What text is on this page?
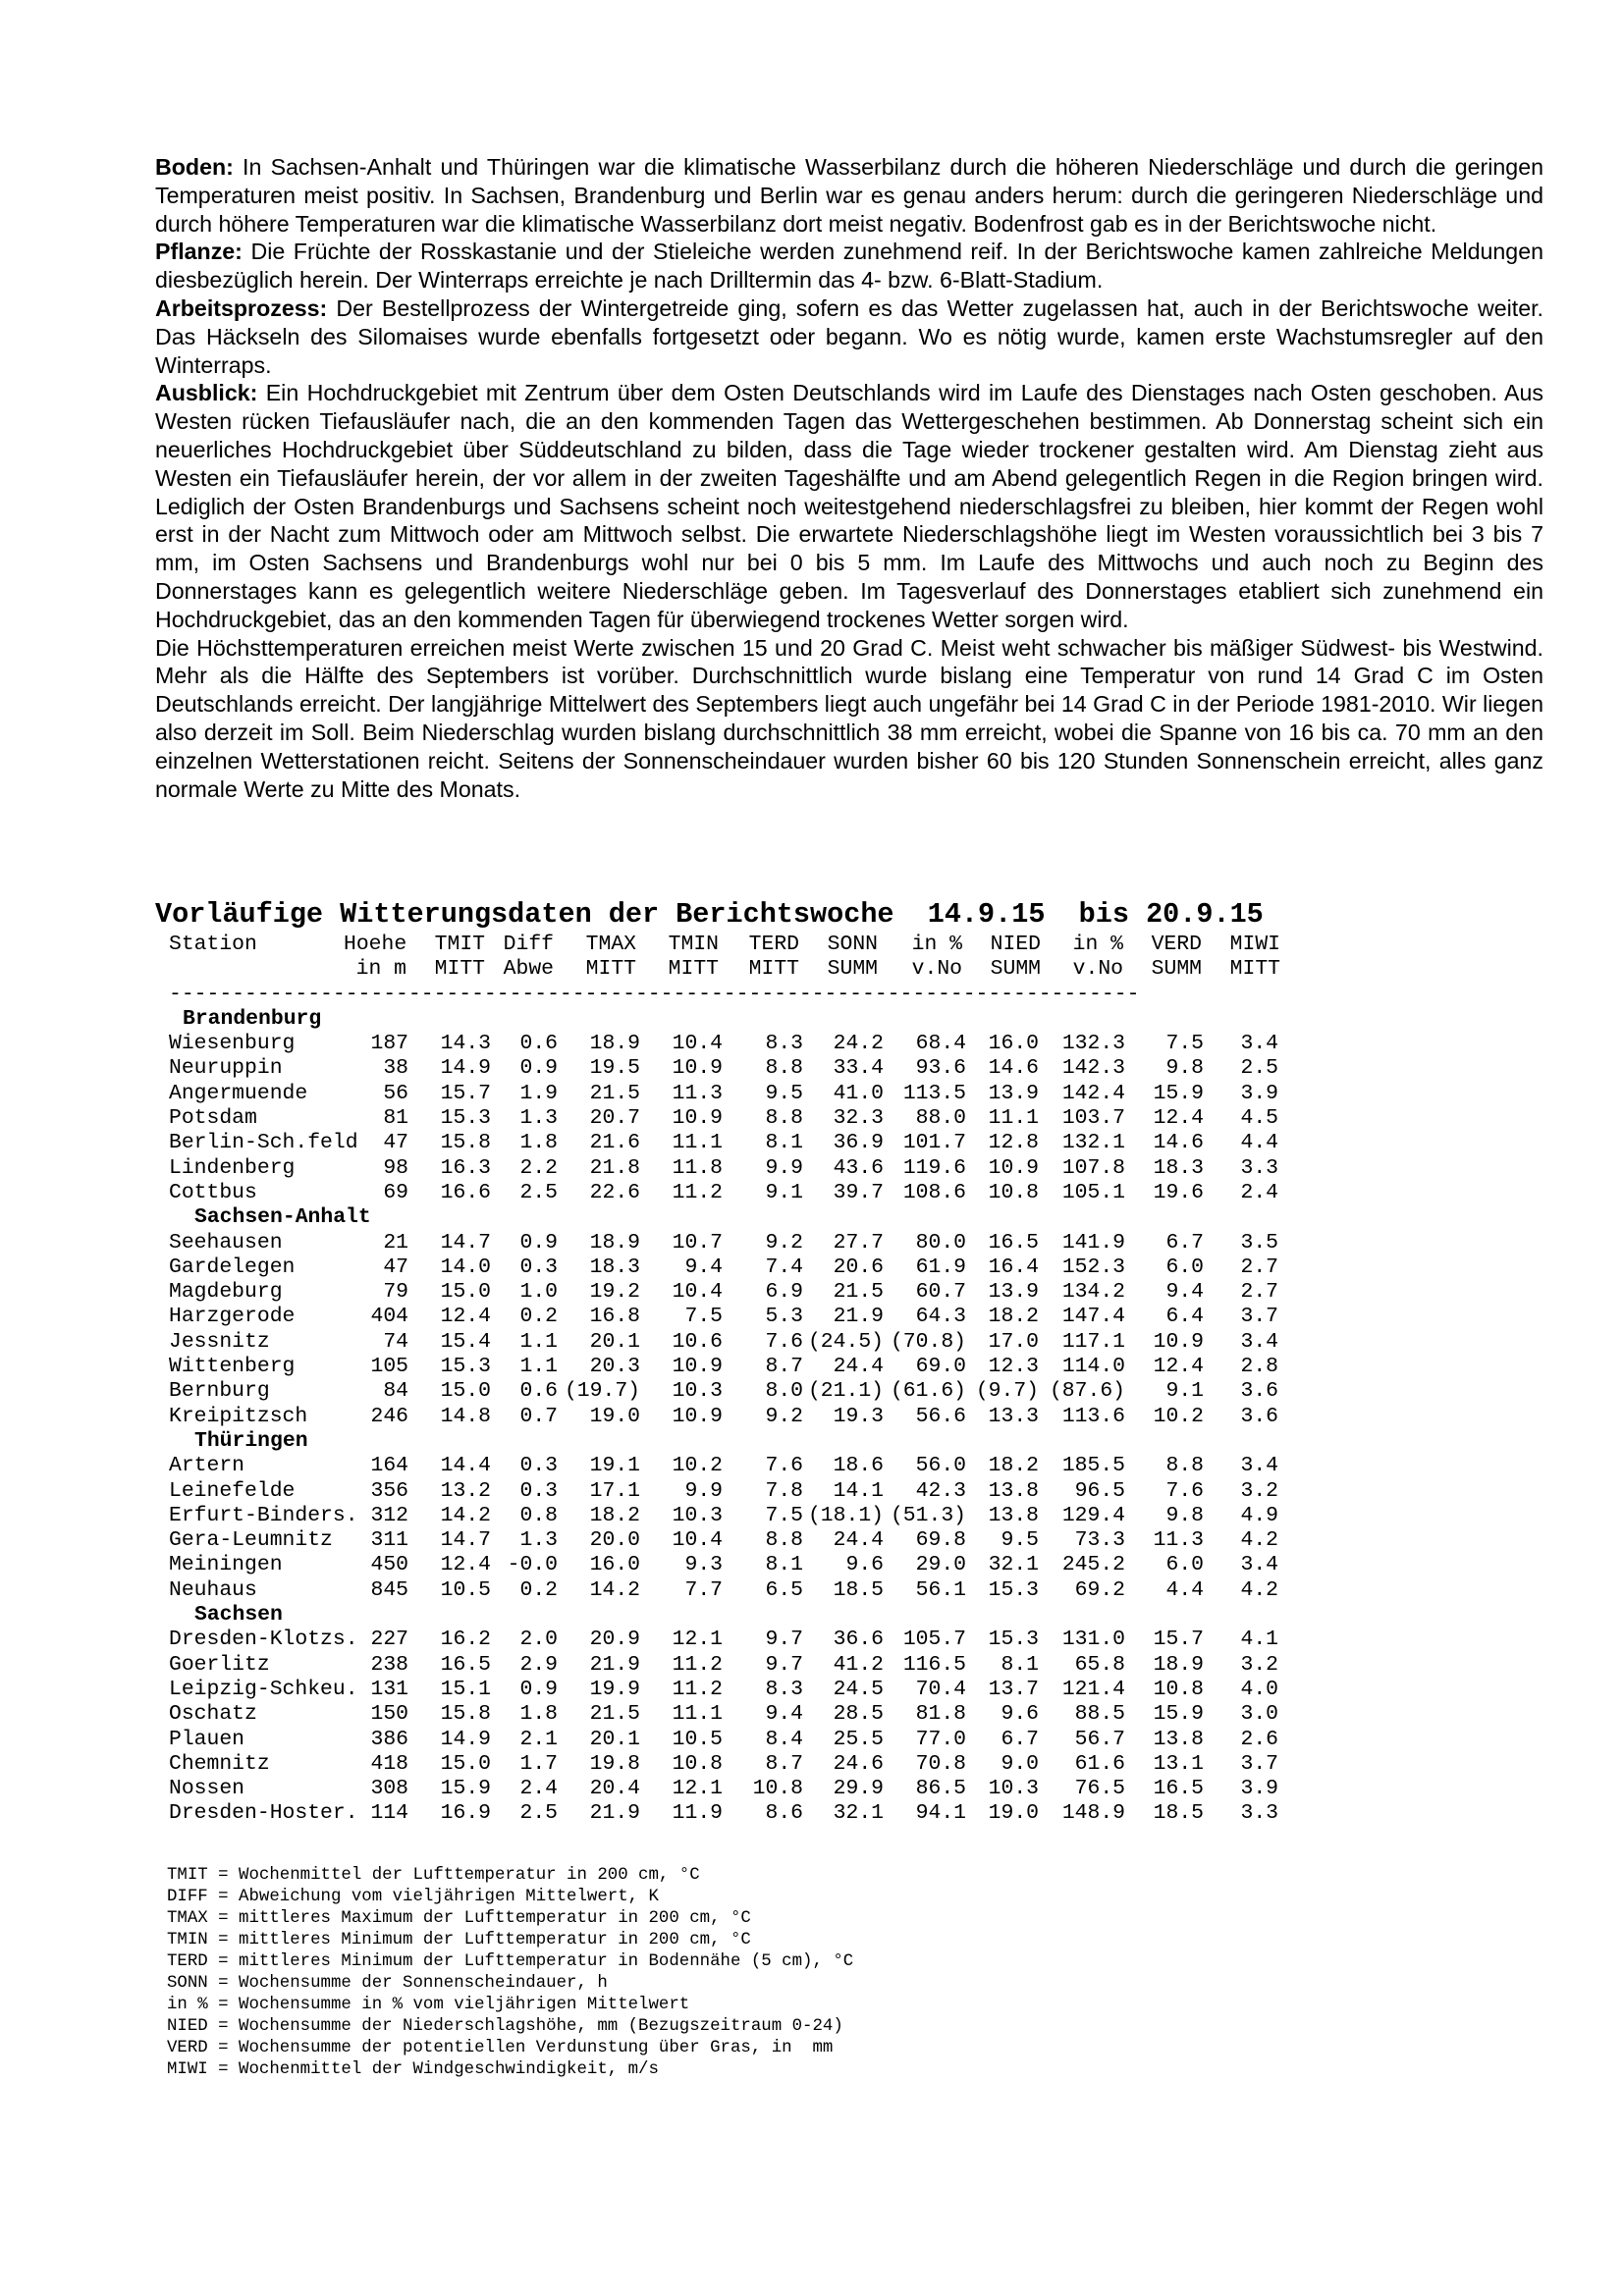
Boden: In Sachsen-Anhalt und Thüringen war die klimatische Wasserbilanz durch die höheren Niederschläge und durch die geringen Temperaturen meist positiv. In Sachsen, Brandenburg und Berlin war es genau anders herum: durch die geringeren Niederschläge und durch höhere Temperaturen war die klimatische Wasserbilanz dort meist negativ. Bodenfrost gab es in der Berichtswoche nicht.

Pflanze: Die Früchte der Rosskastanie und der Stieleiche werden zunehmend reif. In der Berichtswoche kamen zahlreiche Meldungen diesbezüglich herein. Der Winterraps erreichte je nach Drilltermin das 4- bzw. 6-Blatt-Stadium.

Arbeitsprozess: Der Bestellprozess der Wintergetreide ging, sofern es das Wetter zugelassen hat, auch in der Berichtswoche weiter. Das Häckseln des Silomaises wurde ebenfalls fortgesetzt oder begann. Wo es nötig wurde, kamen erste Wachstumsregler auf den Winterraps.

Ausblick: Ein Hochdruckgebiet mit Zentrum über dem Osten Deutschlands wird im Laufe des Dienstages nach Osten geschoben. Aus Westen rücken Tiefausläufer nach, die an den kommenden Tagen das Wettergeschehen bestimmen. Ab Donnerstag scheint sich ein neuerliches Hochdruckgebiet über Süddeutschland zu bilden, dass die Tage wieder trockener gestalten wird. Am Dienstag zieht aus Westen ein Tiefausläufer herein, der vor allem in der zweiten Tageshälfte und am Abend gelegentlich Regen in die Region bringen wird. Lediglich der Osten Brandenburgs und Sachsens scheint noch weitestgehend niederschlagsfrei zu bleiben, hier kommt der Regen wohl erst in der Nacht zum Mittwoch oder am Mittwoch selbst. Die erwartete Niederschlagshöhe liegt im Westen voraussichtlich bei 3 bis 7 mm, im Osten Sachsens und Brandenburgs wohl nur bei 0 bis 5 mm. Im Laufe des Mittwochs und auch noch zu Beginn des Donnerstages kann es gelegentlich weitere Niederschläge geben. Im Tagesverlauf des Donnerstages etabliert sich zunehmend ein Hochdruckgebiet, das an den kommenden Tagen für überwiegend trockenes Wetter sorgen wird.

Die Höchsttemperaturen erreichen meist Werte zwischen 15 und 20 Grad C. Meist weht schwacher bis mäßiger Südwest- bis Westwind. Mehr als die Hälfte des Septembers ist vorüber. Durchschnittlich wurde bislang eine Temperatur von rund 14 Grad C im Osten Deutschlands erreicht. Der langjährige Mittelwert des Septembers liegt auch ungefähr bei 14 Grad C in der Periode 1981-2010. Wir liegen also derzeit im Soll. Beim Niederschlag wurden bislang durchschnittlich 38 mm erreicht, wobei die Spanne von 16 bis ca. 70 mm an den einzelnen Wetterstationen reicht. Seitens der Sonnenscheindauer wurden bisher 60 bis 120 Stunden Sonnenschein erreicht, alles ganz normale Werte zu Mitte des Monats.

Vorläufige Witterungsdaten der Berichtswoche  14.9.15  bis 20.9.15
Station	Hoehe	TMIT Diff	TMAX	TMIN	TERD	SONN	in %	NIED	in %	VERD	MIWI
in m	MITT Abwe	MITT	MITT	MITT	SUMM	v.No	SUMM	v.No	SUMM	MITT
-----------------------------------------------------------------------------
Brandenburg
Wiesenburg	187	14.3	0.6	18.9	10.4	8.3	24.2	68.4	16.0	132.3	7.5	3.4
Neuruppin	38	14.9	0.9	19.5	10.9	8.8	33.4	93.6	14.6	142.3	9.8	2.5
Angermuende	56	15.7	1.9	21.5	11.3	9.5	41.0 113.5	13.9	142.4	15.9	3.9
Potsdam	81	15.3	1.3	20.7	10.9	8.8	32.3	88.0	11.1	103.7	12.4	4.5
Berlin-Sch.feld	47	15.8	1.8	21.6	11.1	8.1	36.9 101.7	12.8	132.1	14.6	4.4
Lindenberg	98	16.3	2.2	21.8	11.8	9.9	43.6 119.6	10.9	107.8	18.3	3.3
Cottbus	69	16.6	2.5	22.6	11.2	9.1	39.7 108.6	10.8	105.1	19.6	2.4
Sachsen-Anhalt
Seehausen	21	14.7	0.9	18.9	10.7	9.2	27.7	80.0	16.5	141.9	6.7	3.5
Gardelegen	47	14.0	0.3	18.3	9.4	7.4	20.6	61.9	16.4	152.3	6.0	2.7
Magdeburg	79	15.0	1.0	19.2	10.4	6.9	21.5	60.7	13.9	134.2	9.4	2.7
Harzgerode	404	12.4	0.2	16.8	7.5	5.3	21.9	64.3	18.2	147.4	6.4	3.7
Jessnitz	74	15.4	1.1	20.1	10.6	7.6 (24.5) (70.8)	17.0	117.1	10.9	3.4
Wittenberg	105	15.3	1.1	20.3	10.9	8.7	24.4	69.0	12.3	114.0	12.4	2.8
Bernburg	84	15.0	0.6 (19.7)	10.3	8.0 (21.1) (61.6) (9.7) (87.6)	9.1	3.6
Kreipitzsch	246	14.8	0.7	19.0	10.9	9.2	19.3	56.6	13.3	113.6	10.2	3.6
Thüringen
Artern	164	14.4	0.3	19.1	10.2	7.6	18.6	56.0	18.2	185.5	8.8	3.4
Leinefelde	356	13.2	0.3	17.1	9.9	7.8	14.1	42.3	13.8	96.5	7.6	3.2
Erfurt-Binders. 312	14.2	0.8	18.2	10.3	7.5 (18.1) (51.3)	13.8	129.4	9.8	4.9
Gera-Leumnitz	311	14.7	1.3	20.0	10.4	8.8	24.4	69.8	9.5	73.3	11.3	4.2
Meiningen	450	12.4 -0.0	16.0	9.3	8.1	9.6	29.0	32.1	245.2	6.0	3.4
Neuhaus	845	10.5	0.2	14.2	7.7	6.5	18.5	56.1	15.3	69.2	4.4	4.2
Sachsen
Dresden-Klotzs. 227	16.2	2.0	20.9	12.1	9.7	36.6 105.7	15.3	131.0	15.7	4.1
Goerlitz	238	16.5	2.9	21.9	11.2	9.7	41.2 116.5	8.1	65.8	18.9	3.2
Leipzig-Schkeu. 131	15.1	0.9	19.9	11.2	8.3	24.5	70.4	13.7	121.4	10.8	4.0
Oschatz	150	15.8	1.8	21.5	11.1	9.4	28.5	81.8	9.6	88.5	15.9	3.0
Plauen	386	14.9	2.1	20.1	10.5	8.4	25.5	77.0	6.7	56.7	13.8	2.6
Chemnitz	418	15.0	1.7	19.8	10.8	8.7	24.6	70.8	9.0	61.6	13.1	3.7
Nossen	308	15.9	2.4	20.4	12.1	10.8	29.9	86.5	10.3	76.5	16.5	3.9
Dresden-Hoster. 114	16.9	2.5	21.9	11.9	8.6	32.1	94.1	19.0	148.9	18.5	3.3
TMIT = Wochenmittel der Lufttemperatur in 200 cm, °C
DIFF = Abweichung vom vieljährigen Mittelwert, K
TMAX = mittleres Maximum der Lufttemperatur in 200 cm, °C
TMIN = mittleres Minimum der Lufttemperatur in 200 cm, °C
TERD = mittleres Minimum der Lufttemperatur in Bodennähe (5 cm), °C
SONN = Wochensumme der Sonnenscheindauer, h
in % = Wochensumme in % vom vieljährigen Mittelwert
NIED = Wochensumme der Niederschlagshöhe, mm (Bezugszeitraum 0-24)
VERD = Wochensumme der potentiellen Verdunstung über Gras, in  mm
MIWI = Wochenmittel der Windgeschwindigkeit, m/s
